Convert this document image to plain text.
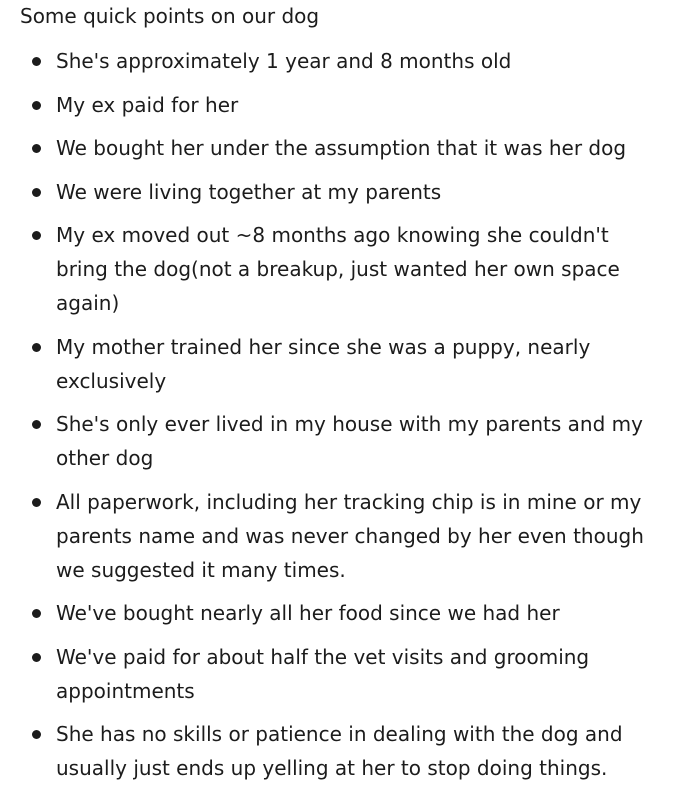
Some quick points on our dog
She's approximately 1 year and 8 months old
My ex paid for her
We bought her under the assumption that it was her dog
We were living together at my parents
My ex moved out ~8 months ago knowing she couldn't
bring the dog(not a breakup, just wanted her own space
again)
My mother trained her since she was a puppy, nearly
exclusively
She's only ever lived in my house with my parents and my
other dog
All paperwork, including her tracking chip is in mine or my
parents name and was never changed by her even though
we suggested it many times.
We've bought nearly all her food since we had her
We've paid for about half the vet visits and grooming
appointments
She has no skills or patience in dealing with the dog and
usually just ends up yelling at her to stop doing things.
